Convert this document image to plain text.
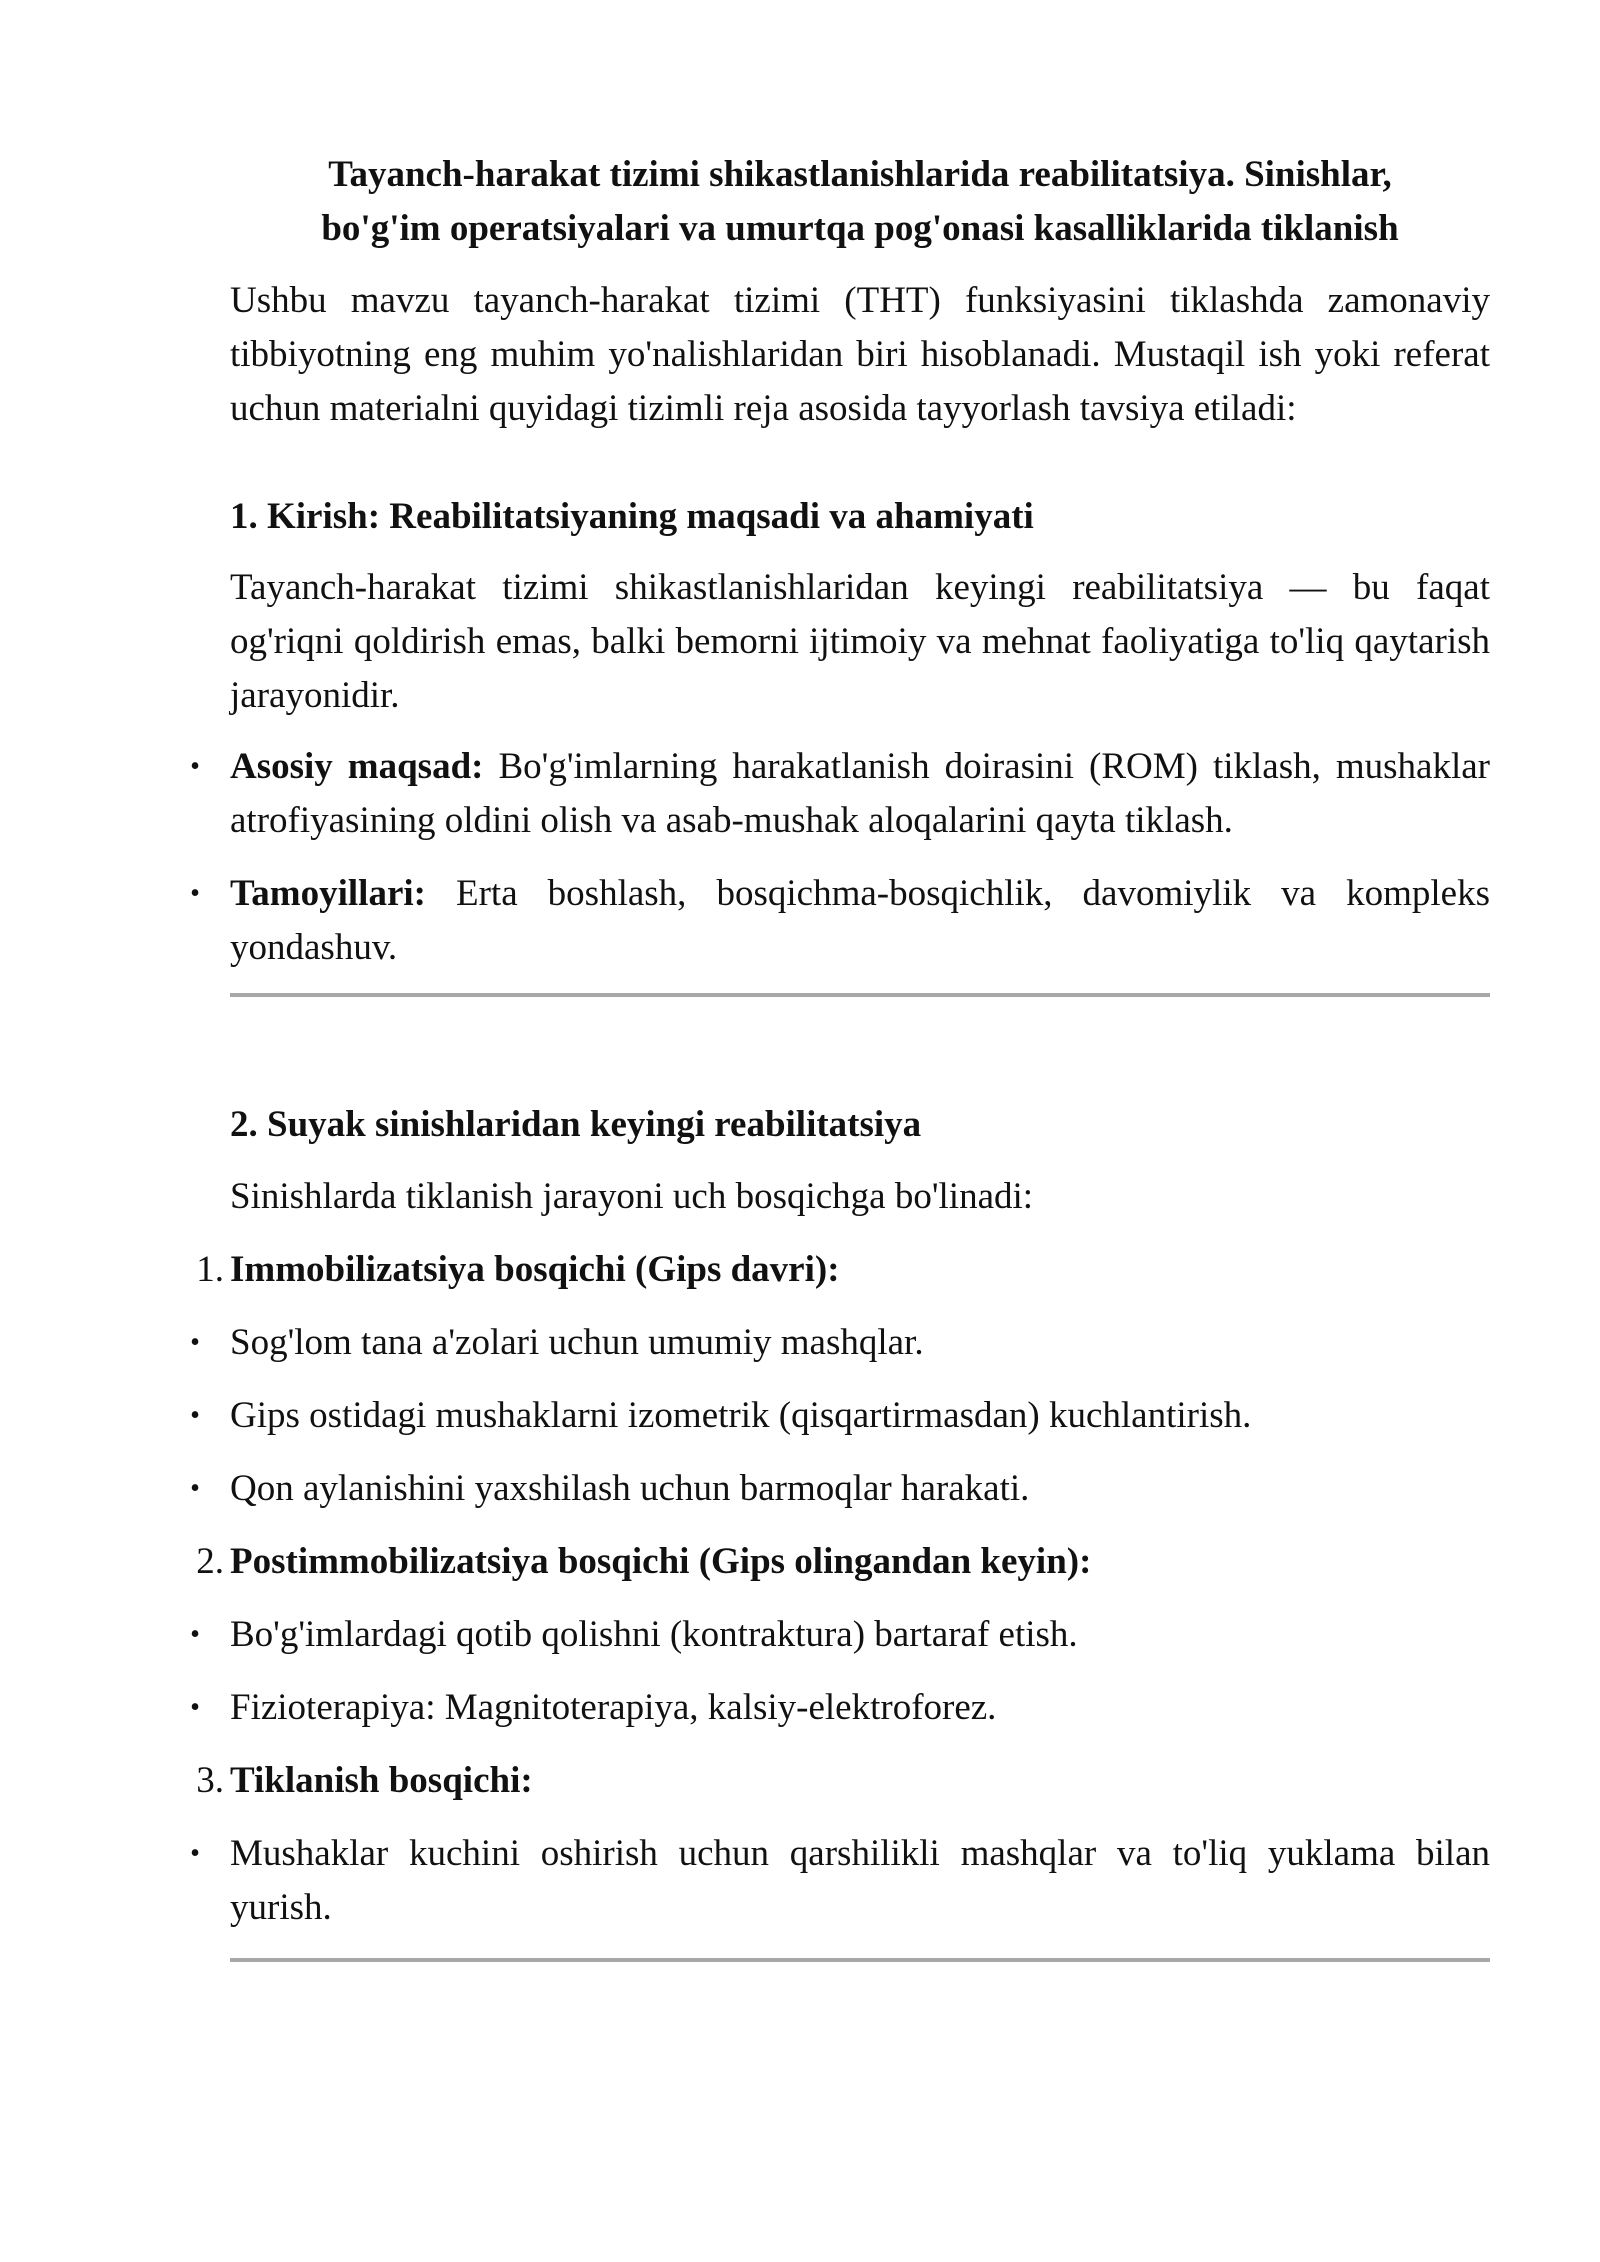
Tayanch-harakat tizimi shikastlanishlarida reabilitatsiya. Sinishlar,
bo'g'im operatsiyalari va umurtqa pog'onasi kasalliklarida tiklanish

Ushbu mavzu tayanch-harakat tizimi (THT) funksiyasini tiklashda zamonaviy tibbiyotning eng muhim yo'nalishlaridan biri hisoblanadi. Mustaqil ish yoki referat uchun materialni quyidagi tizimli reja asosida tayyorlash tavsiya etiladi:

1. Kirish: Reabilitatsiyaning maqsadi va ahamiyati

Tayanch-harakat tizimi shikastlanishlaridan keyingi reabilitatsiya — bu faqat og'riqni qoldirish emas, balki bemorni ijtimoiy va mehnat faoliyatiga to'liq qaytarish jarayonidir.

• Asosiy maqsad: Bo'g'imlarning harakatlanish doirasini (ROM) tiklash, mushaklar atrofiyasining oldini olish va asab-mushak aloqalarini qayta tiklash.
• Tamoyillari: Erta boshlash, bosqichma-bosqichlik, davomiylik va kompleks yondashuv.
2. Suyak sinishlaridan keyingi reabilitatsiya
Sinishlarda tiklanish jarayoni uch bosqichga bo'linadi:
1. Immobilizatsiya bosqichi (Gips davri):
• Sog'lom tana a'zolari uchun umumiy mashqlar.
• Gips ostidagi mushaklarni izometrik (qisqartirmasdan) kuchlantirish.
• Qon aylanishini yaxshilash uchun barmoqlar harakati.
2. Postimmobilizatsiya bosqichi (Gips olingandan keyin):
• Bo'g'imlardagi qotib qolishni (kontraktura) bartaraf etish.
• Fizioterapiya: Magnitoterapiya, kalsiy-elektroforez.
3. Tiklanish bosqichi:
• Mushaklar kuchini oshirish uchun qarshilikli mashqlar va to'liq yuklama bilan yurish.
